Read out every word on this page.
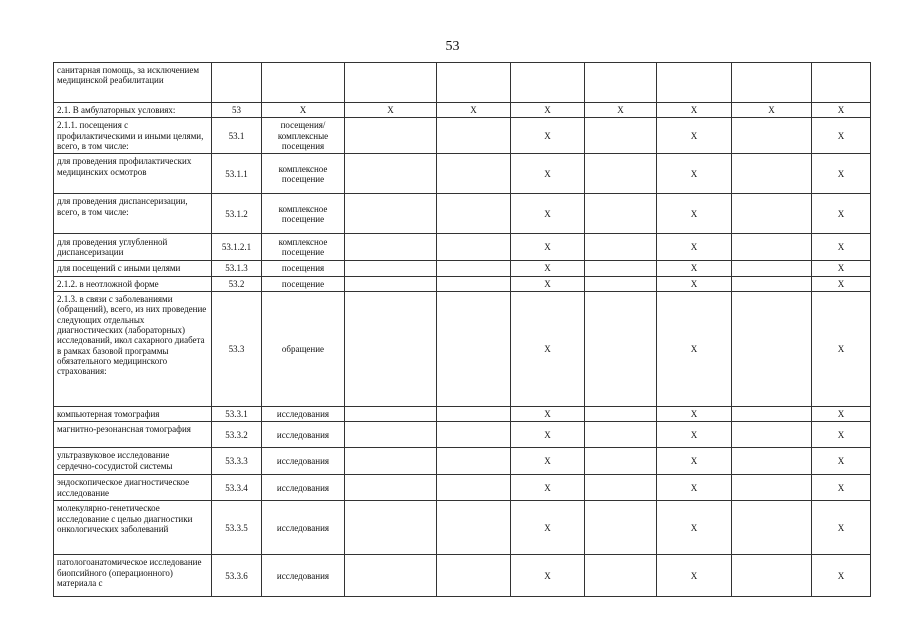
53
санитарная помощь, за исключением медицинской реабилитации										
2.1. В амбулаторных условиях:	53	X	X	X	X	X	X	X	X	
2.1.1. посещения с профилактическими и иными целями, всего, в том числе:	53.1	посещения/комплексные посещения			X		X		X	
для проведения профилактических медицинских осмотров	53.1.1	комплексное посещение			X		X		X	
для проведения диспансеризации, всего, в том числе:	53.1.2	комплексное посещение			X		X		X	
для проведения углубленной диспансеризации	53.1.2.1	комплексное посещение			X		X		X	
для посещений с иными целями	53.1.3	посещения			X		X		X	
2.1.2. в неотложной форме	53.2	посещение			X		X		X	
2.1.3. в связи с заболеваниями (обращений), всего, из них проведение следующих отдельных диагностических (лабораторных) исследований, икол сахарного диабета в рамках базовой программы обязательного медицинского страхования:	53.3	обращение			X		X		X	
компьютерная томография	53.3.1	исследования			X		X		X	
магнитно-резонансная томография	53.3.2	исследования			X		X		X	
ультразвуковое исследование сердечно-сосудистой системы	53.3.3	исследования			X		X		X	
эндоскопическое диагностическое исследование	53.3.4	исследования			X		X		X	
молекулярно-генетическое исследование с целью диагностики онкологических заболеваний	53.3.5	исследования			X		X		X	
патологоанатомическое исследование биопсийного (операционного) материала с	53.3.6	исследования			X		X		X	
